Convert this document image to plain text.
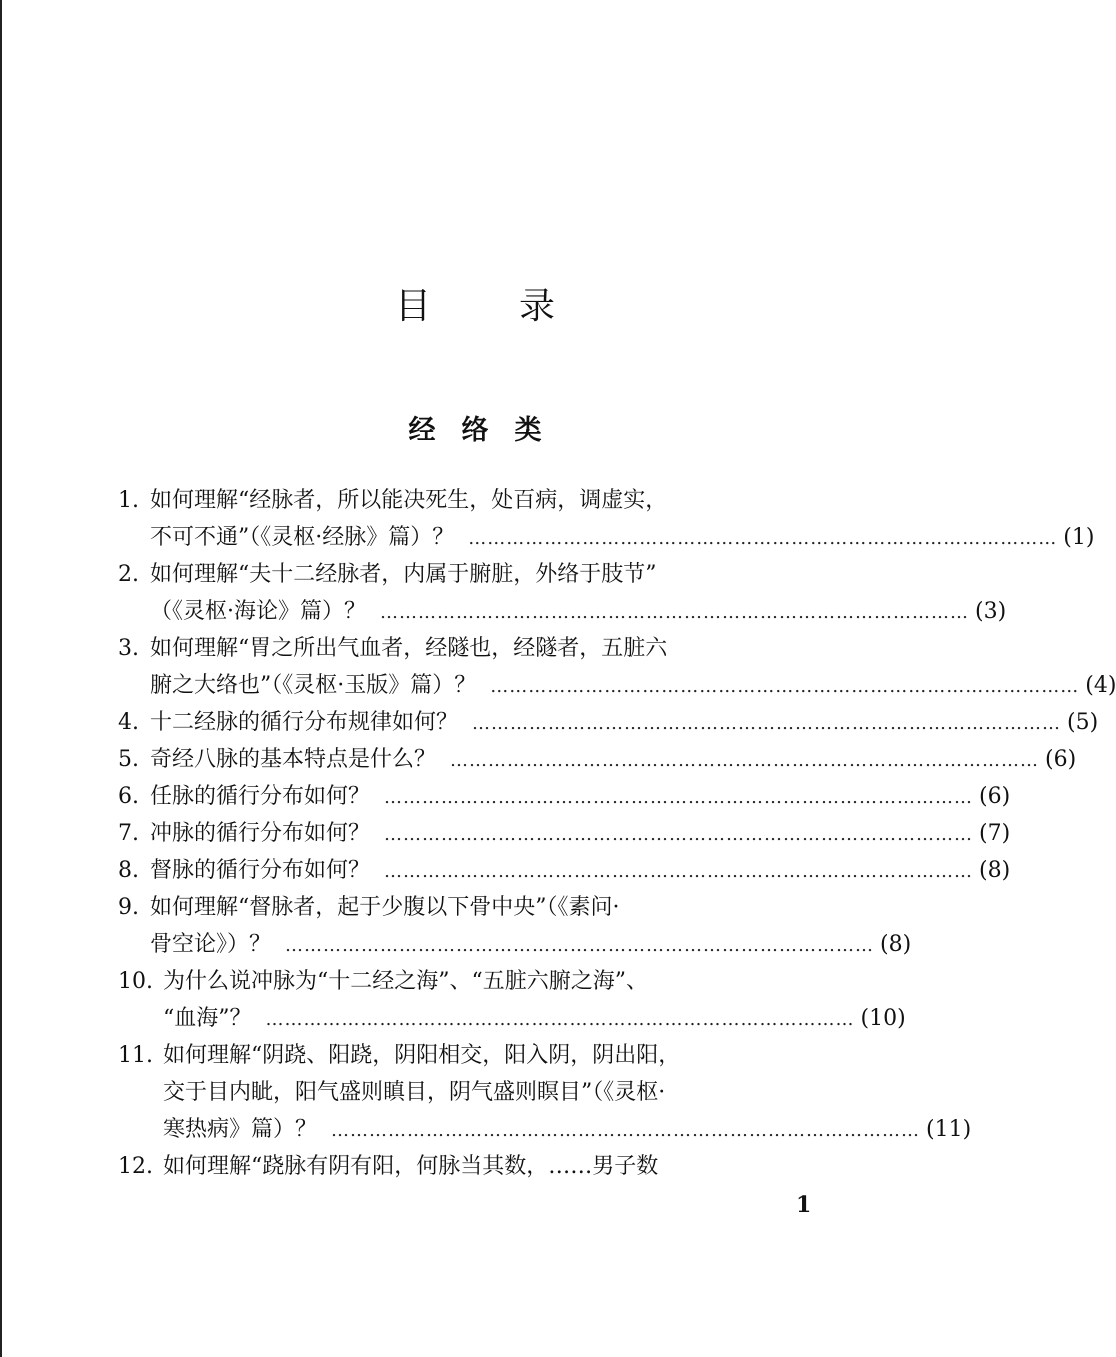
目 录
经 络 类
1. 如何理解“经脉者，所以能决死生，处百病，调虚实，
不可不通”（《灵枢·经脉》篇）？ ………………………………………………………………………………… (1)
2. 如何理解“夫十二经脉者，内属于腑脏，外络于肢节”
（《灵枢·海论》篇）？ ………………………………………………………………………………… (3)
3. 如何理解“胃之所出气血者，经隧也，经隧者，五脏六
腑之大络也”（《灵枢·玉版》篇）？ ………………………………………………………………………………… (4)
4. 十二经脉的循行分布规律如何？ ………………………………………………………………………………… (5)
5. 奇经八脉的基本特点是什么？ ………………………………………………………………………………… (6)
6. 任脉的循行分布如何？ ………………………………………………………………………………… (6)
7. 冲脉的循行分布如何？ ………………………………………………………………………………… (7)
8. 督脉的循行分布如何？ ………………………………………………………………………………… (8)
9. 如何理解“督脉者，起于少腹以下骨中央”（《素问·
骨空论》）？ ………………………………………………………………………………… (8)
10. 为什么说冲脉为“十二经之海”、“五脏六腑之海”、
“血海”？ ………………………………………………………………………………… (10)
11. 如何理解“阴跷、阳跷，阴阳相交，阳入阴，阴出阳，
交于目内眦，阳气盛则瞋目，阴气盛则瞑目”（《灵枢·
寒热病》篇）？ ………………………………………………………………………………… (11)
12. 如何理解“跷脉有阴有阳，何脉当其数，……男子数
1
